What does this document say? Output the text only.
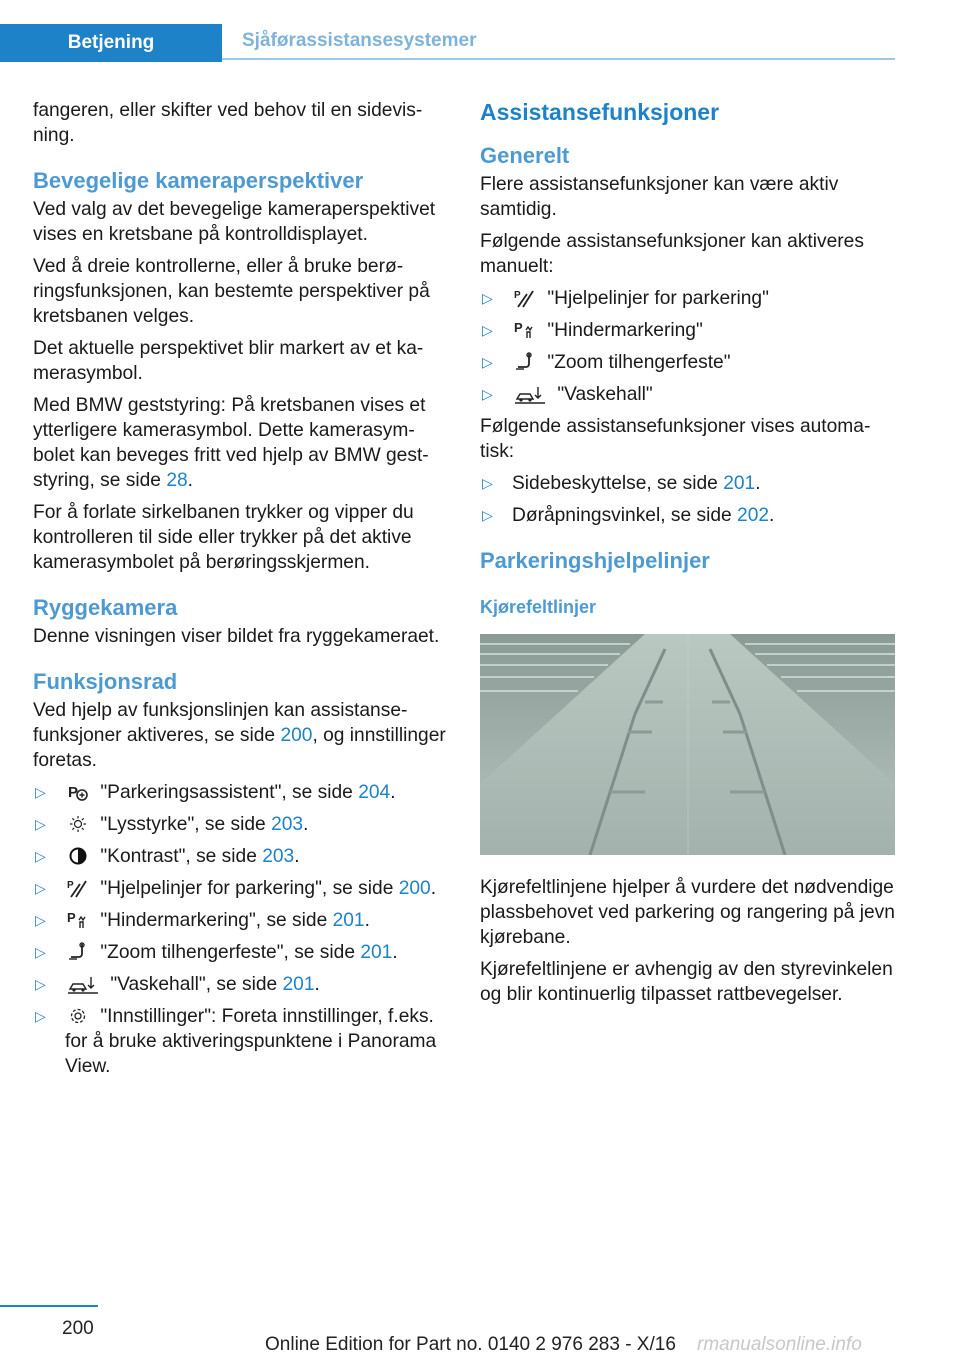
Betjening	Sjåførassistansesystemer

fangeren, eller skifter ved behov til en sidevisning.

Bevegelige kameraperspektiver

Ved valg av det bevegelige kameraperspektivet vises en kretsbane på kontrolldisplayet.

Ved å dreie kontrollerne, eller å bruke berøringsfunksjonen, kan bestemte perspektiver på kretsbanen velges.

Det aktuelle perspektivet blir markert av et kamerasymbol.

Med BMW geststyring: På kretsbanen vises et ytterligere kamerasymbol. Dette kamerasymbolet kan beveges fritt ved hjelp av BMW geststyring, se side 28.

For å forlate sirkelbanen trykker og vipper du kontrolleren til side eller trykker på det aktive kamerasymbolet på berøringsskjermen.

Ryggekamera

Denne visningen viser bildet fra ryggekameraet.

Funksjonsrad

Ved hjelp av funksjonslinjen kan assistansefunksjoner aktiveres, se side 200, og innstillinger foretas.

▷ P "Parkeringsassistent", se side 204.
▷	"Lysstyrke", se side 203.
▷	"Kontrast", se side 203.
▷ P "Hjelpelinjer for parkering", se side 200.
▷ P "Hindermarkering", se side 201.
▷	"Zoom tilhengerfeste", se side 201.
▷	"Vaskehall", se side 201.
▷	"Innstillinger": Foreta innstillinger, f.eks. for å bruke aktiveringspunktene i Panorama View.
Assistansefunksjoner
Generelt

Flere assistansefunksjoner kan være aktiv samtidig.

Følgende assistansefunksjoner kan aktiveres manuelt:

▷ P "Hjelpelinjer for parkering"
▷ P "Hindermarkering"
▷	"Zoom tilhengerfeste"
▷	"Vaskehall"

Følgende assistansefunksjoner vises automatisk:

▷ Sidebeskyttelse, se side 201.
▷ Døråpningsvinkel, se side 202.
Parkeringshjelpelinjer
Kjørefeltlinjer

Kjørefeltlinjene hjelper å vurdere det nødvendige plassbehovet ved parkering og rangering på jevn kjørebane.

Kjørefeltlinjene er avhengig av den styrevinkelen og blir kontinuerlig tilpasset rattbevegelser.

200
Online Edition for Part no. 0140 2 976 283 - X/16 rmanualsonline.info
